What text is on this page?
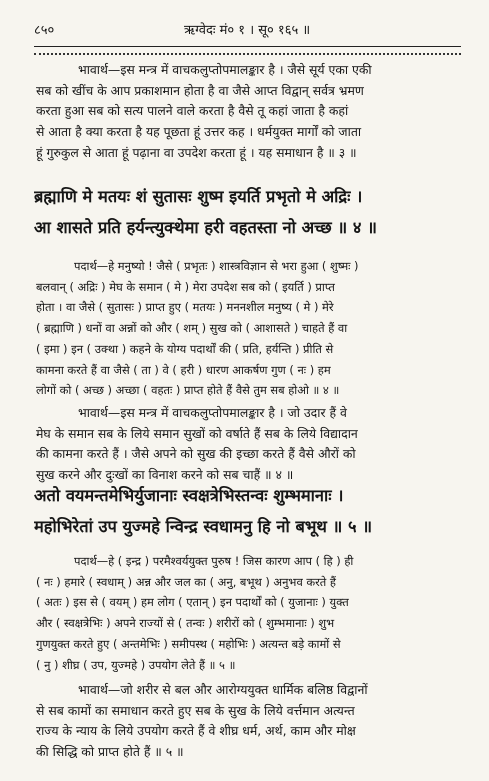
८५०	ऋग्वेदः मं० १ । सू० १६५ ॥
भावार्थ—इस मन्त्र में वाचकलुप्तोपमालङ्कार है । जैसे सूर्य एका एकी
सब को खींच के आप प्रकाशमान होता है वा जैसे आप्त विद्वान् सर्वत्र भ्रमण
करता हुआ सब को सत्य पालने वाले करता है वैसे तू कहां जाता है कहां
से आता है क्या करता है यह पूछता हूं उत्तर कह । धर्मयुक्त मार्गों को जाता
हूं गुरुकुल से आता हूं पढ़ाना वा उपदेश करता हूं । यह समाधान है ॥ ३ ॥
ब्रह्माणि मे मतयः शं सुतासः शुष्म इयर्ति प्रभृतो मे अद्रिः ।
आ शासते प्रति हर्यन्त्युक्थेमा हरी वहतस्ता नो अच्छ ॥ ४ ॥
पदार्थ—हे मनुष्यो ! जैसे ( प्रभृतः ) शास्त्रविज्ञान से भरा हुआ ( शुष्मः )
बलवान् ( अद्रिः ) मेघ के समान ( मे ) मेरा उपदेश सब को ( इयर्ति ) प्राप्त
होता । वा जैसे ( सुतासः ) प्राप्त हुए ( मतयः ) मननशील मनुष्य ( मे ) मेरे
( ब्रह्माणि ) धनों वा अन्नों को और ( शम् ) सुख को ( आशासते ) चाहते हैं वा
( इमा ) इन ( उक्था ) कहने के योग्य पदार्थों की ( प्रति, हर्यन्ति ) प्रीति से
कामना करते हैं वा जैसे ( ता ) वे ( हरी ) धारण आकर्षण गुण ( नः ) हम
लोगों को ( अच्छ ) अच्छा ( वहतः ) प्राप्त होते हैं वैसे तुम सब होओ ॥ ४ ॥
भावार्थ—इस मन्त्र में वाचकलुप्तोपमालङ्कार है । जो उदार हैं वे
मेघ के समान सब के लिये समान सुखों को वर्षाते हैं सब के लिये विद्यादान
की कामना करते हैं । जैसे अपने को सुख की इच्छा करते हैं वैसे औरों को
सुख करने और दुःखों का विनाश करने को सब चाहैं ॥ ४ ॥
अतो वयमन्तमेभिर्युजानाः स्वक्षत्रेभिस्तन्वः शुम्भमानाः ।
महोभिरेतां उप युज्महे न्विन्द्र स्वधामनु हि नो बभूथ ॥ ५ ॥
पदार्थ—हे ( इन्द्र ) परमैश्वर्ययुक्त पुरुष ! जिस कारण आप ( हि ) ही
( नः ) हमारे ( स्वधाम् ) अन्न और जल का ( अनु, बभूथ ) अनुभव करते हैं
( अतः ) इस से ( वयम् ) हम लोग ( एतान् ) इन पदार्थों को ( युजानाः ) युक्त
और ( स्वक्षत्रेभिः ) अपने राज्यों से ( तन्वः ) शरीरों को ( शुम्भमानाः ) शुभ
गुणयुक्त करते हुए ( अन्तमेभिः ) समीपस्थ ( महोभिः ) अत्यन्त बड़े कामों से
( नु ) शीघ्र ( उप, युज्महे ) उपयोग लेते हैं ॥ ५ ॥
भावार्थ—जो शरीर से बल और आरोग्ययुक्त धार्मिक बलिष्ठ विद्वानों
से सब कामों का समाधान करते हुए सब के सुख के लिये वर्त्तमान अत्यन्त
राज्य के न्याय के लिये उपयोग करते हैं वे शीघ्र धर्म, अर्थ, काम और मोक्ष
की सिद्धि को प्राप्त होते हैं ॥ ५ ॥
